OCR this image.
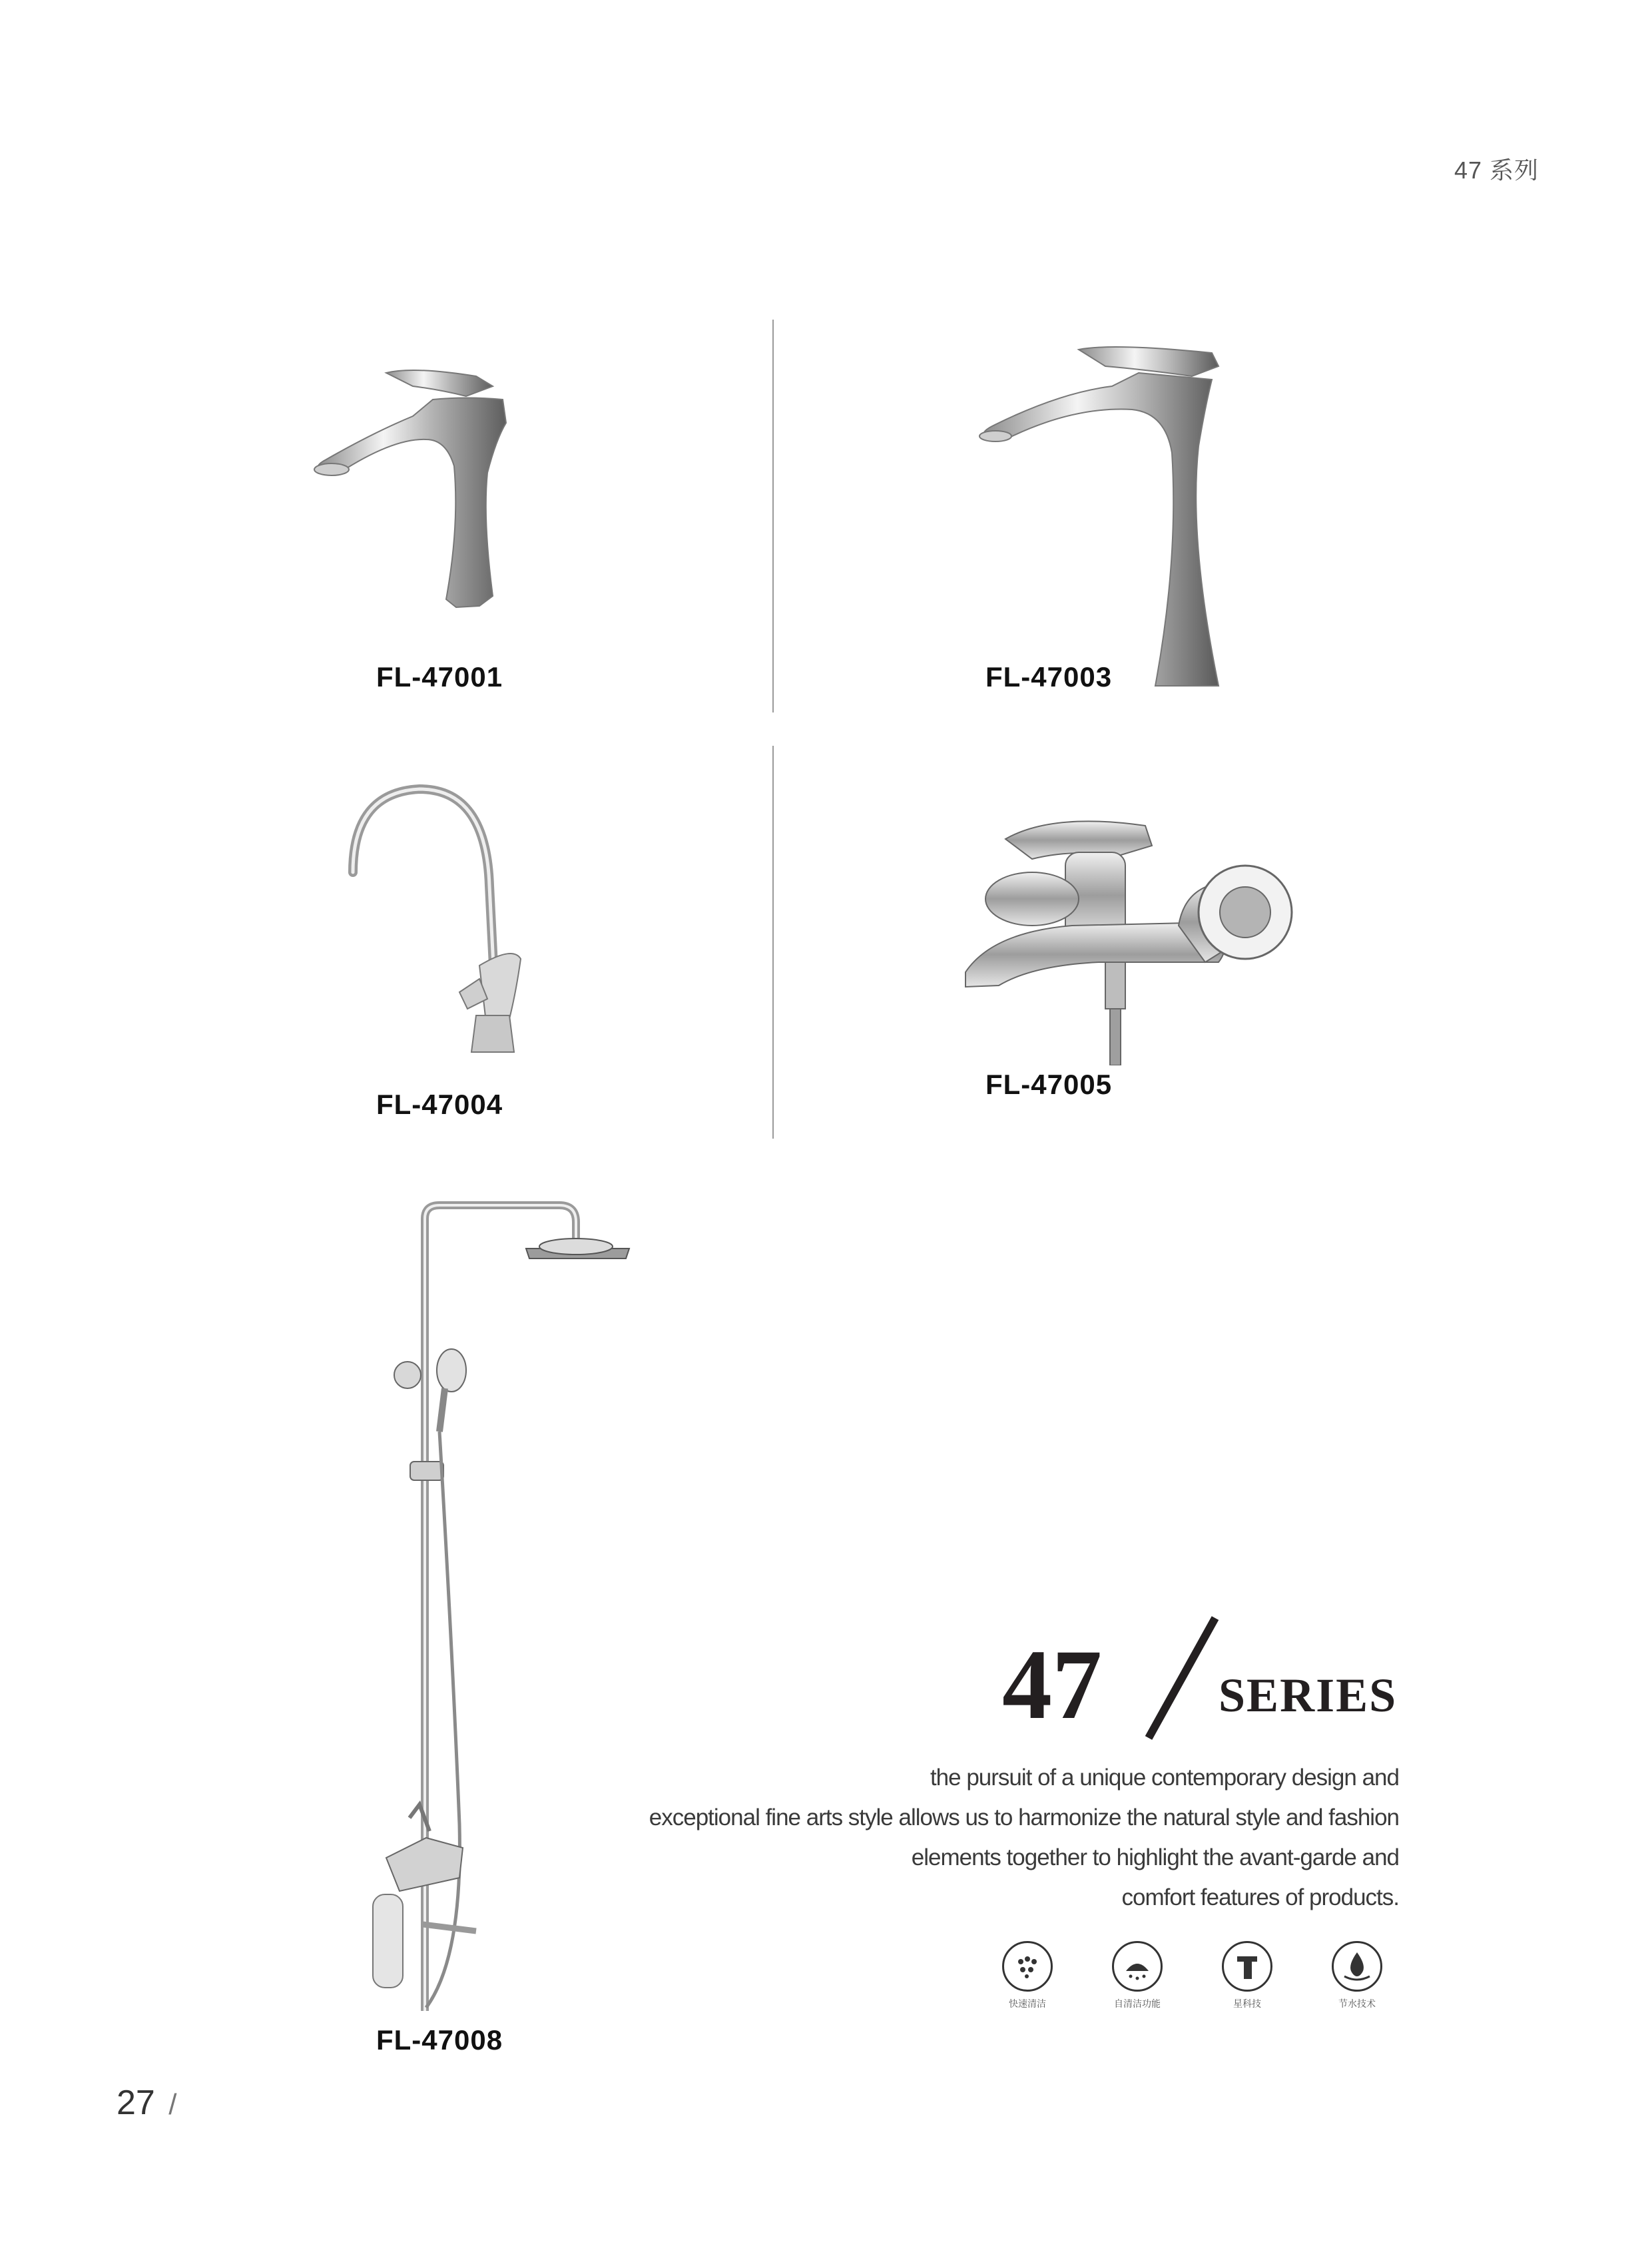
47 系列
FL-47001	FL-47003
FL-47004
FL-47005
FL-47008
47 SERIES
the pursuit of a unique contemporary design and
exceptional fine arts style allows us to harmonize the natural style and fashion
elements together to highlight the avant-garde and
comfort features of products.
快速清洁	自清洁功能	星科技	节水技术
27 /
